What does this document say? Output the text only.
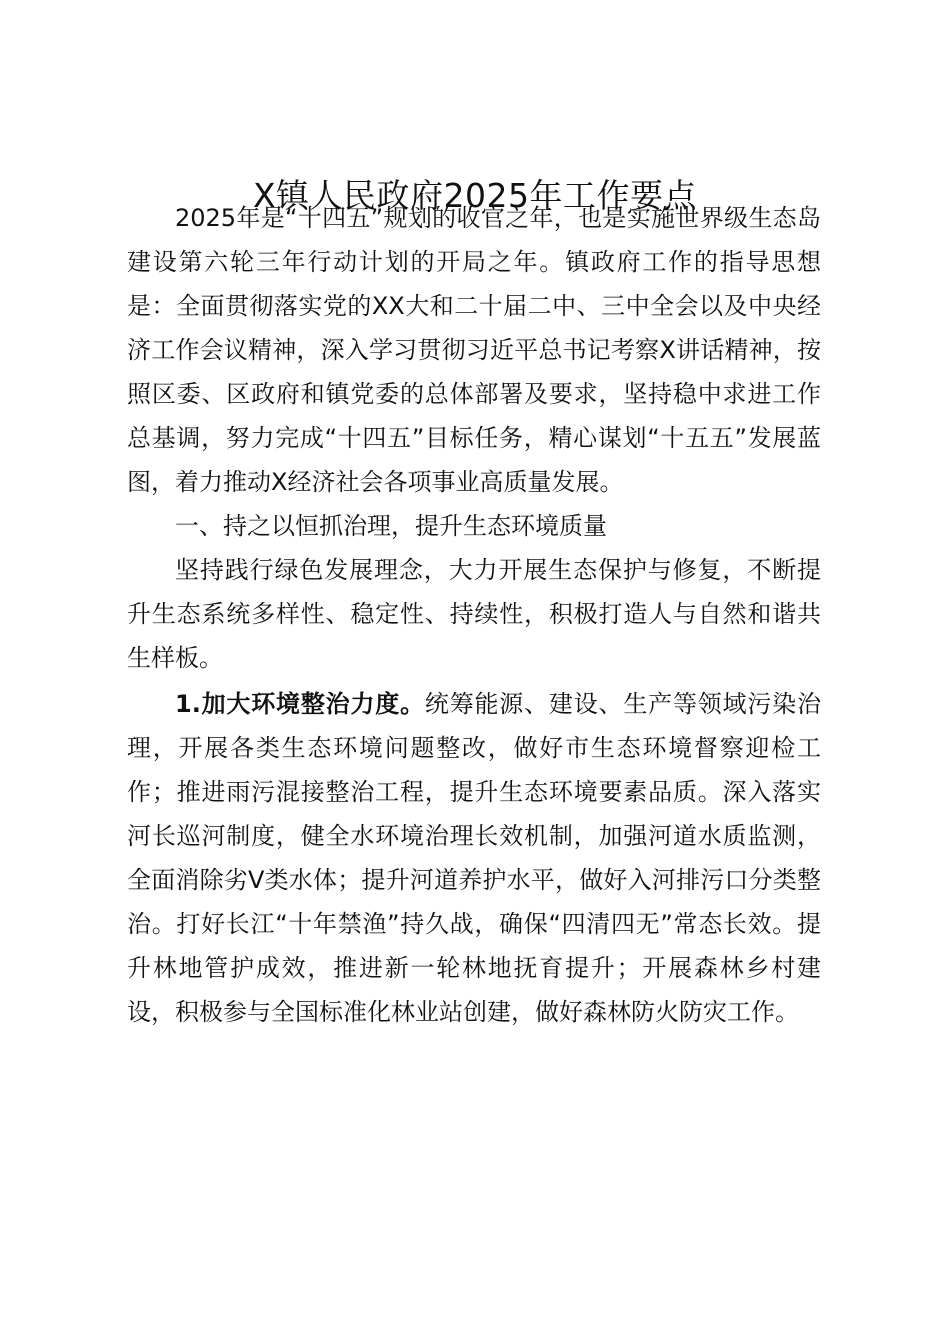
X镇人民政府2025年工作要点

2025年是“十四五”规划的收官之年，也是实施世界级生态岛建设第六轮三年行动计划的开局之年。镇政府工作的指导思想是：全面贯彻落实党的XX大和二十届二中、三中全会以及中央经济工作会议精神，深入学习贯彻习近平总书记考察X讲话精神，按照区委、区政府和镇党委的总体部署及要求，坚持稳中求进工作总基调，努力完成“十四五”目标任务，精心谋划“十五五”发展蓝图，着力推动X经济社会各项事业高质量发展。

一、持之以恒抓治理，提升生态环境质量

坚持践行绿色发展理念，大力开展生态保护与修复，不断提升生态系统多样性、稳定性、持续性，积极打造人与自然和谐共生样板。

1.加大环境整治力度。统筹能源、建设、生产等领域污染治理，开展各类生态环境问题整改，做好市生态环境督察迎检工作；推进雨污混接整治工程，提升生态环境要素品质。深入落实河长巡河制度，健全水环境治理长效机制，加强河道水质监测，全面消除劣Ⅴ类水体；提升河道养护水平，做好入河排污口分类整治。打好长江“十年禁渔”持久战，确保“四清四无”常态长效。提升林地管护成效，推进新一轮林地抚育提升；开展森林乡村建设，积极参与全国标准化林业站创建，做好森林防火防灾工作。
